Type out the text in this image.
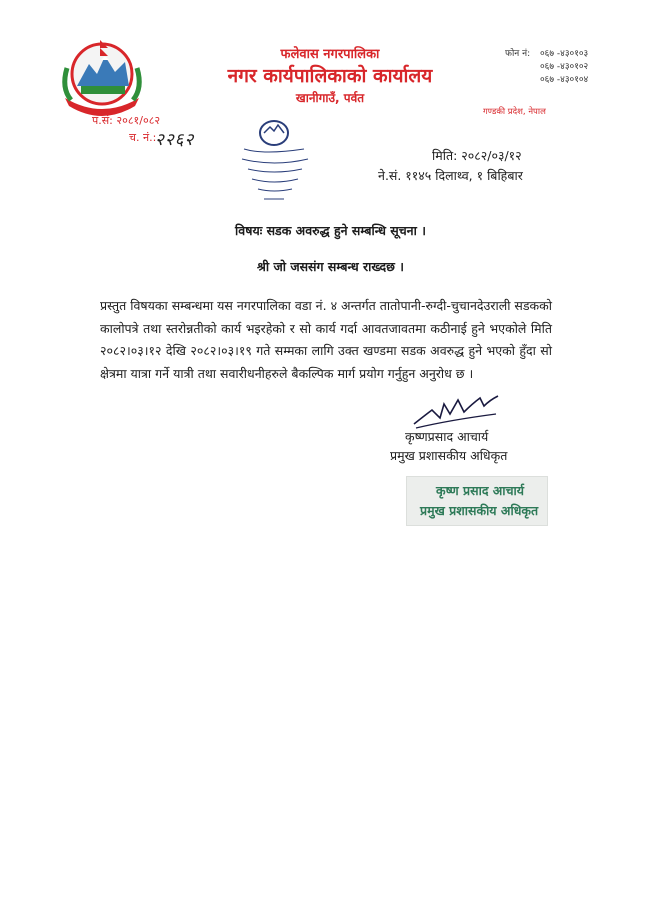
फलेवास नगरपालिका
नगर कार्यपालिकाको कार्यालय
खानीगाउँ, पर्वत
फोन नं: ०६७ -४३०१०३
०६७ -४३०१०२
०६७ -४३०१०४
गण्डकी प्रदेश, नेपाल
प.सं: २०८१/०८२
च. नं.:
२२६२
मिति: २०८२/०३/१२
ने.सं. ११४५ दिलाथ्व, १ बिहिबार
विषयः सडक अवरुद्ध हुने सम्बन्धि सूचना ।
श्री जो जससंग सम्बन्ध राख्दछ ।
प्रस्तुत विषयका सम्बन्धमा यस नगरपालिका वडा नं. ४ अन्तर्गत तातोपानी-रुग्दी-चुचानदेउराली सडकको कालोपत्रे तथा स्तरोन्नतीको कार्य भइरहेको र सो कार्य गर्दा आवतजावतमा कठीनाई हुने भएकोले मिति २०८२।०३।१२ देखि २०८२।०३।१९ गते सम्मका लागि उक्त खण्डमा सडक अवरुद्ध हुने भएको हुँदा सो क्षेत्रमा यात्रा गर्ने यात्री तथा सवारीधनीहरुले बैकल्पिक मार्ग प्रयोग गर्नुहुन अनुरोध छ ।
कृष्णप्रसाद आचार्य
प्रमुख प्रशासकीय अधिकृत
कृष्ण प्रसाद आचार्य
प्रमुख प्रशासकीय अधिकृत
